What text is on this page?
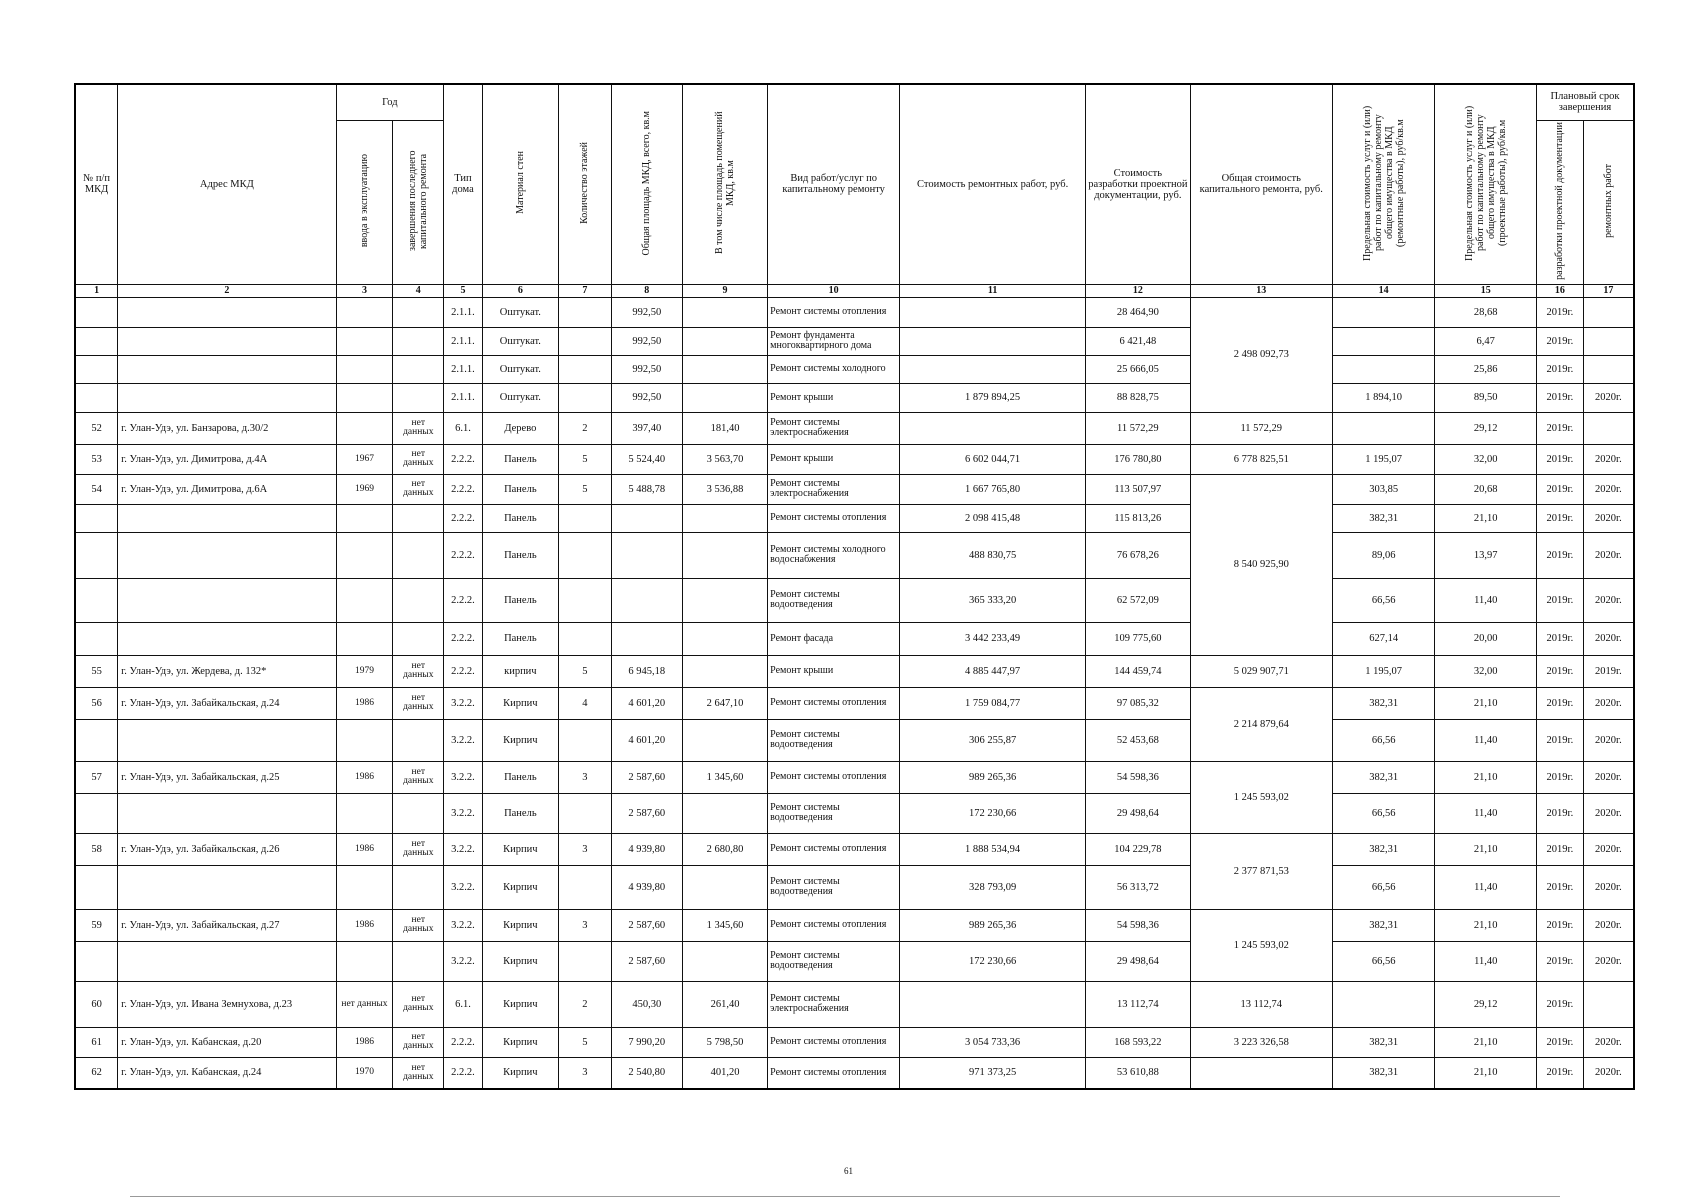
№ п/п МКД	Адрес МКД	Год		Тип дома	Материал стен	Количество этажей	Общая площадь МКД, всего, кв.м	В том числе площадь помещений МКД, кв.м	Вид работ/услуг по капитальному ремонту	Стоимость ремонтных работ, руб.	Стоимость разработки проектной документации, руб.	Общая стоимость капитального ремонта, руб.	Предельная стоимость услуг и (или) работ по капитальному ремонту общего имущества в МКД (ремонтные работы), руб/кв.м	Предельная стоимость услуг и (или) работ по капитальному ремонту общего имущества в МКД (проектные работы), руб/кв.м	Плановый срок завершения	
		ввода в эксплуатацию	завершения последнего капитального ремонта												разработки проектной документации	ремонтных работ
1	2	3	4	5	6	7	8	9	10	11	12	13	14	15	16	17
				2.1.1.	Оштукат.		992,50		Ремонт системы отопления		28 464,90	2 498 092,73		28,68	2019г.	
				2.1.1.	Оштукат.		992,50		Ремонт фундамента многоквартирного дома		6 421,48			6,47	2019г.	
				2.1.1.	Оштукат.		992,50		Ремонт системы холодного		25 666,05			25,86	2019г.	
				2.1.1.	Оштукат.		992,50		Ремонт крыши	1 879 894,25	88 828,75		1 894,10	89,50	2019г.	2020г.
52	г. Улан-Удэ, ул. Банзарова, д.30/2		нет данных	6.1.	Дерево	2	397,40	181,40	Ремонт системы электроснабжения		11 572,29	11 572,29		29,12	2019г.	
53	г. Улан-Удэ, ул. Димитрова, д.4А	1967	нет данных	2.2.2.	Панель	5	5 524,40	3 563,70	Ремонт крыши	6 602 044,71	176 780,80	6 778 825,51	1 195,07	32,00	2019г.	2020г.
54	г. Улан-Удэ, ул. Димитрова, д.6А	1969	нет данных	2.2.2.	Панель	5	5 488,78	3 536,88	Ремонт системы электроснабжения	1 667 765,80	113 507,97	8 540 925,90	303,85	20,68	2019г.	2020г.
				2.2.2.	Панель				Ремонт системы отопления	2 098 415,48	115 813,26		382,31	21,10	2019г.	2020г.
				2.2.2.	Панель				Ремонт системы холодного водоснабжения	488 830,75	76 678,26		89,06	13,97	2019г.	2020г.
				2.2.2.	Панель				Ремонт системы водоотведения	365 333,20	62 572,09		66,56	11,40	2019г.	2020г.
				2.2.2.	Панель				Ремонт фасада	3 442 233,49	109 775,60		627,14	20,00	2019г.	2020г.
55	г. Улан-Удэ, ул. Жердева, д. 132*	1979	нет данных	2.2.2.	кирпич	5	6 945,18		Ремонт крыши	4 885 447,97	144 459,74	5 029 907,71	1 195,07	32,00	2019г.	2019г.
56	г. Улан-Удэ, ул. Забайкальская, д.24	1986	нет данных	3.2.2.	Кирпич	4	4 601,20	2 647,10	Ремонт системы отопления	1 759 084,77	97 085,32	2 214 879,64	382,31	21,10	2019г.	2020г.
				3.2.2.	Кирпич		4 601,20		Ремонт системы водоотведения	306 255,87	52 453,68		66,56	11,40	2019г.	2020г.
57	г. Улан-Удэ, ул. Забайкальская, д.25	1986	нет данных	3.2.2.	Панель	3	2 587,60	1 345,60	Ремонт системы отопления	989 265,36	54 598,36	1 245 593,02	382,31	21,10	2019г.	2020г.
				3.2.2.	Панель		2 587,60		Ремонт системы водоотведения	172 230,66	29 498,64		66,56	11,40	2019г.	2020г.
58	г. Улан-Удэ, ул. Забайкальская, д.26	1986	нет данных	3.2.2.	Кирпич	3	4 939,80	2 680,80	Ремонт системы отопления	1 888 534,94	104 229,78	2 377 871,53	382,31	21,10	2019г.	2020г.
				3.2.2.	Кирпич		4 939,80		Ремонт системы водоотведения	328 793,09	56 313,72		66,56	11,40	2019г.	2020г.
59	г. Улан-Удэ, ул. Забайкальская, д.27	1986	нет данных	3.2.2.	Кирпич	3	2 587,60	1 345,60	Ремонт системы отопления	989 265,36	54 598,36	1 245 593,02	382,31	21,10	2019г.	2020г.
				3.2.2.	Кирпич		2 587,60		Ремонт системы водоотведения	172 230,66	29 498,64		66,56	11,40	2019г.	2020г.
60	г. Улан-Удэ, ул. Ивана Земнухова, д.23	нет данных	нет данных	6.1.	Кирпич	2	450,30	261,40	Ремонт системы электроснабжения		13 112,74	13 112,74		29,12	2019г.	
61	г. Улан-Удэ, ул. Кабанская, д.20	1986	нет данных	2.2.2.	Кирпич	5	7 990,20	5 798,50	Ремонт системы отопления	3 054 733,36	168 593,22	3 223 326,58	382,31	21,10	2019г.	2020г.
62	г. Улан-Удэ, ул. Кабанская, д.24	1970	нет данных	2.2.2.	Кирпич	3	2 540,80	401,20	Ремонт системы отопления	971 373,25	53 610,88		382,31	21,10	2019г.	2020г.
61
